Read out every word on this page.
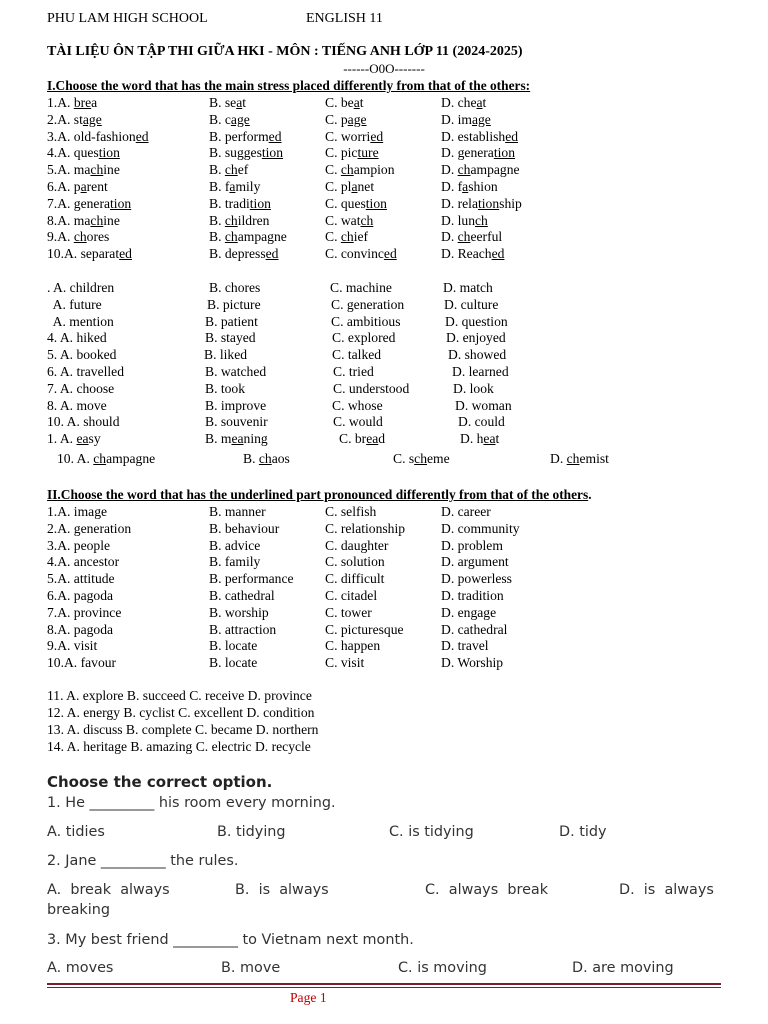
PHU LAM HIGH SCHOOL	ENGLISH 11
TÀI LIỆU ÔN TẬP THI GIỮA HKI - MÔN : TIẾNG ANH LỚP 11 (2024-2025)
------O0O-------
I.Choose the word that has the main stress placed differently from that of the others:
1.A. brea	B. seat	C. beat	D. cheat
2.A. stage	B. cage	C. page	D. image
3.A. old-fashioned	B. performed	C. worried	D. established
4.A. question	B. suggestion	C. picture	D. generation
5.A. machine	B. chef	C. champion	D. champagne
6.A. parent	B. family	C. planet	D. fashion
7.A. generation	B. tradition	C. question	D. relationship
8.A. machine	B. children	C. watch	D. lunch
9.A. chores	B. champagne	C. chief	D. cheerful
10.A. separated	B. depressed	C. convinced	D. Reached
. A. children	B. chores	C. machine	D. match
A. future	B. picture	C. generation	D. culture
A. mention	B. patient	C. ambitious	D. question
4. A. hiked	B. stayed	C. explored	D. enjoyed
5. A. booked	B. liked	C. talked	D. showed
6. A. travelled	B. watched	C. tried	D. learned
7. A. choose	B. took	C. understood	D. look
8. A. move	B. improve	C. whose	D. woman
10. A. should	B. souvenir	C. would	D. could
1. A. easy	B. meaning	C. bread	D. heat
10. A. champagne	B. chaos	C. scheme	D. chemist
II.Choose the word that has the underlined part pronounced differently from that of the others.
1.A. image	B. manner	C. selfish	D. career
2.A. generation	B. behaviour	C. relationship	D. community
3.A. people	B. advice	C. daughter	D. problem
4.A. ancestor	B. family	C. solution	D. argument
5.A. attitude	B. performance C. difficult	D. powerless
6.A. pagoda	B. cathedral	C. citadel	D. tradition
7.A. province	B. worship	C. tower	D. engage
8.A. pagoda	B. attraction	C. picturesque	D. cathedral
9.A. visit	B. locate	C. happen	D. travel
10.A. favour	B. locate	C. visit	D. Worship
11. A. explore B. succeed C. receive D. province
12. A. energy B. cyclist C. excellent D. condition
13. A. discuss B. complete C. became D. northern
14. A. heritage B. amazing C. electric D. recycle
Choose the correct option.
1. He _________ his room every morning.
A. tidies	B. tidying	C. is tidying	D. tidy
2. Jane _________ the rules.
A.  break  always	B.  is  always	C.  always  break	D.  is  always
breaking
3. My best friend _________ to Vietnam next month.
A. moves	B. move	C. is moving	D. are moving
Page 1
